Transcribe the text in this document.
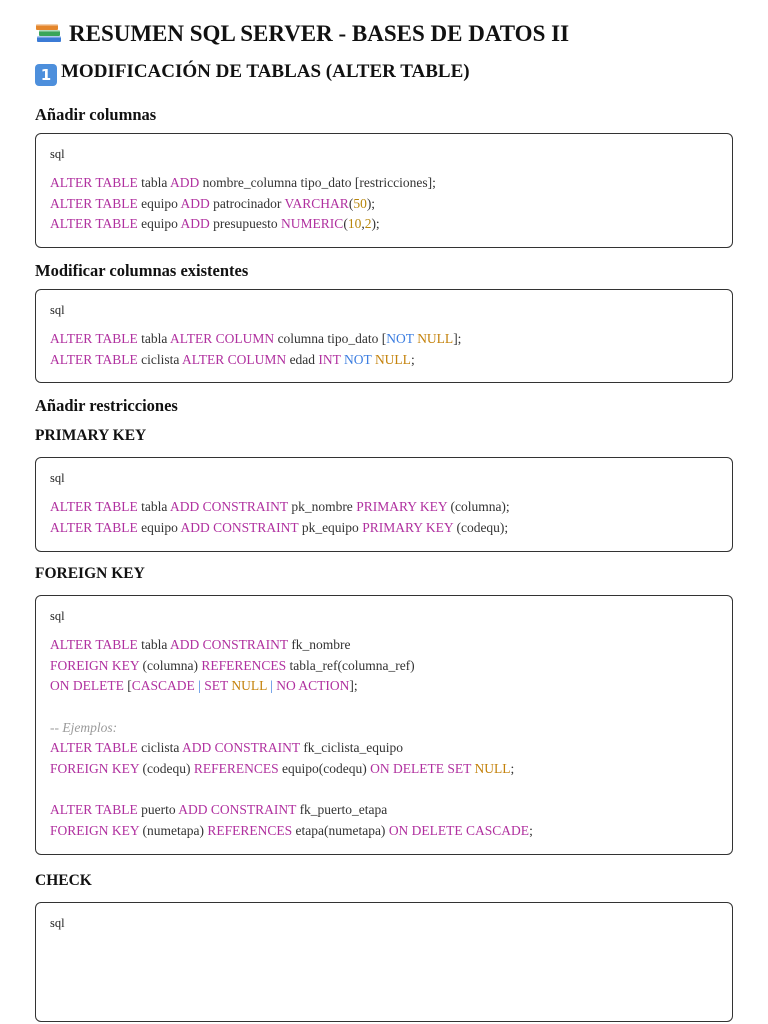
RESUMEN SQL SERVER - BASES DE DATOS II
1 MODIFICACIÓN DE TABLAS (ALTER TABLE)
Añadir columnas
sql
ALTER TABLE tabla ADD nombre_columna tipo_dato [restricciones];
ALTER TABLE equipo ADD patrocinador VARCHAR(50);
ALTER TABLE equipo ADD presupuesto NUMERIC(10,2);
Modificar columnas existentes
sql
ALTER TABLE tabla ALTER COLUMN columna tipo_dato [NOT NULL];
ALTER TABLE ciclista ALTER COLUMN edad INT NOT NULL;
Añadir restricciones
PRIMARY KEY
sql
ALTER TABLE tabla ADD CONSTRAINT pk_nombre PRIMARY KEY (columna);
ALTER TABLE equipo ADD CONSTRAINT pk_equipo PRIMARY KEY (codequ);
FOREIGN KEY
sql
ALTER TABLE tabla ADD CONSTRAINT fk_nombre
FOREIGN KEY (columna) REFERENCES tabla_ref(columna_ref)
ON DELETE [CASCADE | SET NULL | NO ACTION];
-- Ejemplos:
ALTER TABLE ciclista ADD CONSTRAINT fk_ciclista_equipo
FOREIGN KEY (codequ) REFERENCES equipo(codequ) ON DELETE SET NULL;
ALTER TABLE puerto ADD CONSTRAINT fk_puerto_etapa
FOREIGN KEY (numetapa) REFERENCES etapa(numetapa) ON DELETE CASCADE;
CHECK
sql
